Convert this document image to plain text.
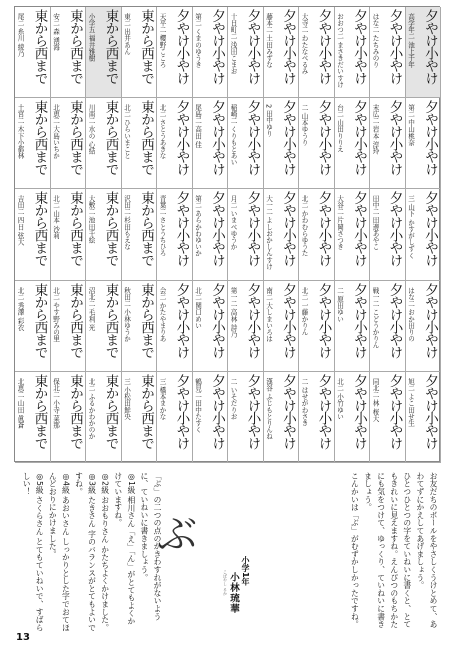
夕やけ小やけ
⾼学年二 池上千年
夕やけ小やけ
はな二 たちみのり
夕やけ小やけ
おおつ二 まさきだいすけ
夕やけ小やけ
大寺二 わたなべるみ
夕やけ小やけ
藤本二 土田みずな
夕やけ小やけ
十日町二 浅田こまお
夕やけ小やけ
第二 くまのゆうき
夕やけ小やけ
天平二 櫻野こころ
東から西まで
東二 出井あん
東から西まで
小学五 福井雅樹
東から西まで
安二 森 湧海
東から西まで
尾二 糸川 綾乃
夕やけ小やけ
第二 中山桃奈
夕やけ小やけ
末広二 岩本 淳玲
夕やけ小やけ
台二 山田りりえ
夕やけ小やけ
二 山本ゆうり
夕やけ小やけ
2 田中ゆり
夕やけ小やけ
稲崎二 くりもとあい
夕やけ小やけ
尾島二 高田 佳
夕やけ小やけ
北二 さとうあきな
東から西まで
北二 ひらいまこと
東から西まで
川南二 水の 心結
東から西まで
北恵二 大島いちか
東から西まで
土宮二 木下小都林
夕やけ小やけ
三 山下 かすがしずく
夕やけ小やけ
田中二 田邊あやこ
夕やけ小やけ
大谷二 片岡さつき
夕やけ小やけ
北二 かわむらゆうた
夕やけ小やけ
大一二 よしおかしんすけ
夕やけ小やけ
⽉二 いまべゆうか
夕やけ小やけ
第二 あらかわゆいか
夕やけ小やけ
青葉二 さとうちひろ
東から西まで
沢田二 杉田もえな
東から西まで
大敷二 池田千絵
東から西まで
北二 山本 沙莉
東から西まで
吉田二 四日 弦大
夕やけ小やけ
はな二 おか田りの
夕やけ小やけ
戦一二 こどうかりん
夕やけ小やけ
二 原田ゆい
夕やけ小やけ
北二 一藤かりん
夕やけ小やけ
南二 大しまいろは
夕やけ小やけ
第一二 高林 詩乃
夕やけ小やけ
北二 関口めい
夕やけ小やけ
会二 かたやまりあ
東から西まで
秋田二 小林ゆうか
東から西まで
沼北二 毛利 光
東から西まで
北二 やす野みの里
東から西まで
北二 秀澤 彩衣
夕やけ小やけ
旭二 よこ田せ生
夕やけ小やけ
同北二 林 桜大
夕やけ小やけ
北二 小竹ゆい
夕やけ小やけ
二 はせがわさき
夕やけ小やけ
漢谷 ふじもとりんね
夕やけ小やけ
二 いそだりお
夕やけ小やけ
鶴見二 田中たすく
夕やけ小やけ
三 橋本まかな
東から西まで
三 小松田鮮央
東から西まで
北二 ふるかわかのか
東から西まで
保北二 小寺 菜那
東から西まで
北恵二 山田 眞蒼
お友だちのボールをやさしくうけとめて、あわてずにかえしてあげましょう。
ひとつひとつの字をていねいに書くと、とてもきれいに見えますね。えんぴつのもちかたにも気をつけて、ゆっくり、ていねいに書きましょう。
こんかいは「ぶ」がむずかしかったですね。
小学1年
こばやし るか 小林琉華
ぶ
「ぶ」の二つの点のかきわすれがないように、ていねいに書きましょう。
◎1級 相川さん「え」「ん」がとてもよくかけていますね。
◎2級 おおもりさん かたちよくかけました。
◎3級 たきさん 字のバランスがとてもよいですね。
◎4級 あおいさん しっかりとした字でおてほんどおりにかけました。
◎5級 さくらさん とてもていねいで、すばらしい！
13
